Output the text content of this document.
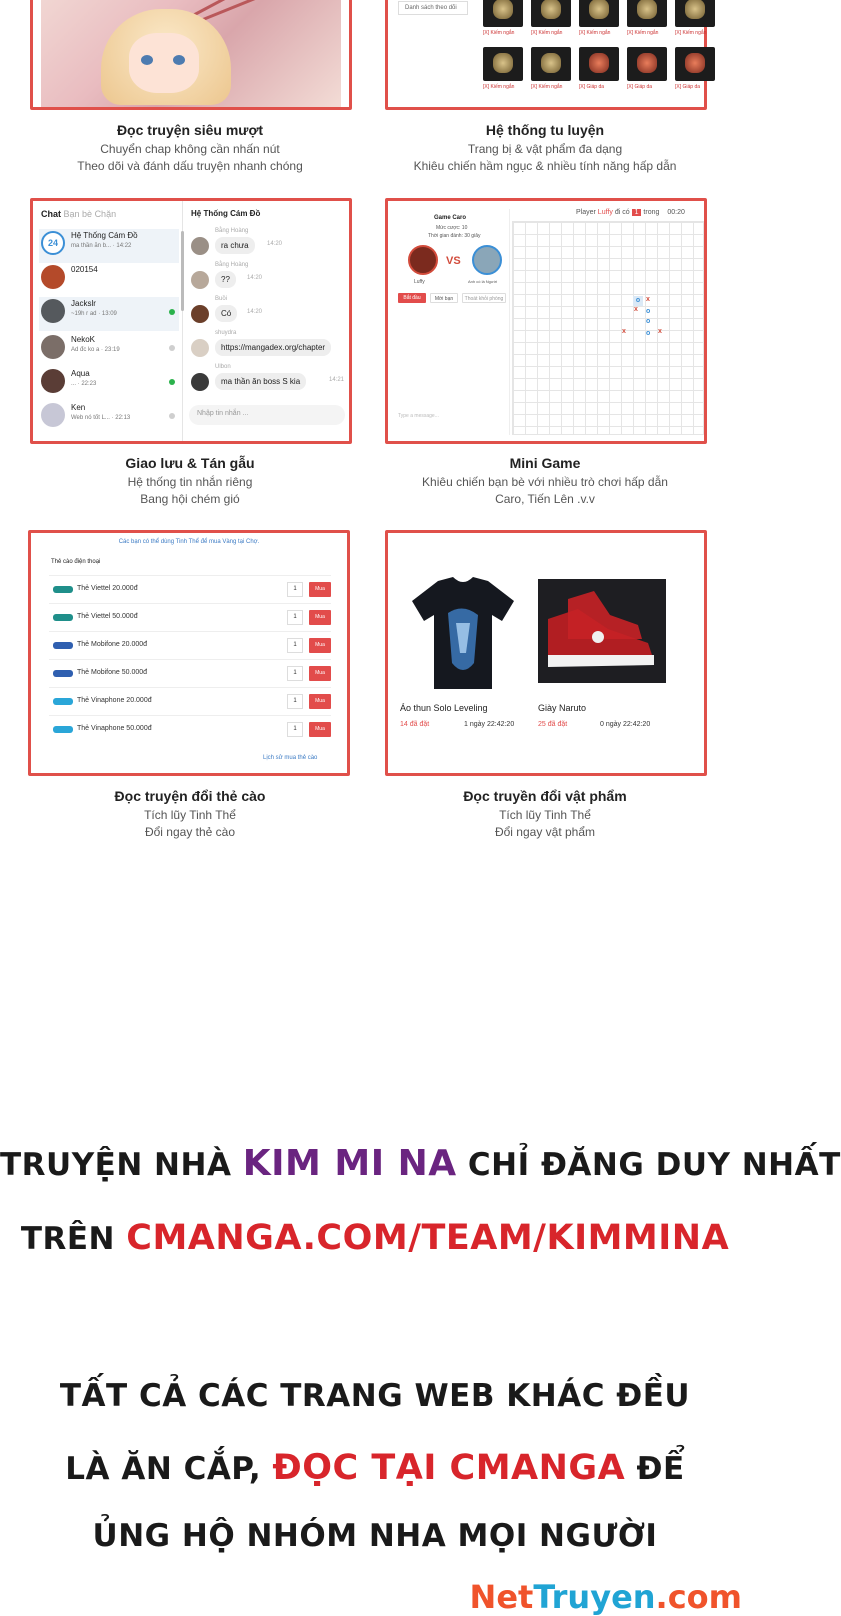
Đọc truyện siêu mượt
Chuyển chap không cần nhấn nút
Theo dõi và đánh dấu truyện nhanh chóng
Danh sách theo dõi
[X] Kiếm ngắn	[X] Kiếm ngắn	[X] Kiếm ngắn	[X] Kiếm ngắn	[X] Kiếm ngắn
[X] Kiếm ngắn	[X] Kiếm ngắn	[X] Giáp da	[X] Giáp da	[X] Giáp da
Hệ thống tu luyện
Trang bị & vật phẩm đa dạng
Khiêu chiến hầm ngục & nhiều tính năng hấp dẫn
Chat Bạn bè Chặn
24
Hệ Thống Cám Đồ
ma thần ăn b... · 14:22
020154
Jackslr
~19h r ad · 13:09
NekoK
Ad đc ko a · 23:19
Aqua
... · 22:23
Ken
Web nó tốt L... · 22:13
Hệ Thống Cám Đồ
Bằng Hoàng
ra chưa	14:20
Bằng Hoàng
??	14:20
Buồi
Có	14:20
shuydra
https://mangadex.org/chapter
Ulbon
ma thần ăn boss S kia	14:21
Nhập tin nhắn ...
Giao lưu & Tán gẫu
Hệ thống tin nhắn riêng
Bang hội chém gió
Game Caro
Mức cược: 10
Thời gian đánh: 30 giây
VS
Luffy	Anh có là Người
Bắt đầu	Mời bạn	Thoát khỏi phòng
Type a message...
Player Luffy đi có 1 trong 00:20
o x
x o
o
x	o x
Mini Game
Khiêu chiến bạn bè với nhiều trò chơi hấp dẫn
Caro, Tiến Lên .v.v
Các bạn có thể dùng Tinh Thể để mua Vàng tại Chợ.
Thẻ cào điện thoại
Thẻ Viettel 20.000đ	1	Mua
Thẻ Viettel 50.000đ	1	Mua
Thẻ Mobifone 20.000đ	1	Mua
Thẻ Mobifone 50.000đ	1	Mua
Thẻ Vinaphone 20.000đ	1	Mua
Thẻ Vinaphone 50.000đ	1	Mua
Lịch sử mua thẻ cào
Đọc truyện đổi thẻ cào
Tích lũy Tinh Thể
Đổi ngay thẻ cào
Áo thun Solo Leveling
14 đã đặt	1 ngày 22:42:20
Giày Naruto
25 đã đặt	0 ngày 22:42:20
Đọc truyền đổi vật phẩm
Tích lũy Tinh Thể
Đổi ngay vật phẩm
TRUYỆN NHÀ KIM MI NA CHỈ ĐĂNG DUY NHẤT
TRÊN CMANGA.COM/TEAM/KIMMINA
TẤT CẢ CÁC TRANG WEB KHÁC ĐỀU
LÀ ĂN CẮP, ĐỌC TẠI CMANGA ĐỂ
ỦNG HỘ NHÓM NHA MỌI NGƯỜI
NetTruyen.com
